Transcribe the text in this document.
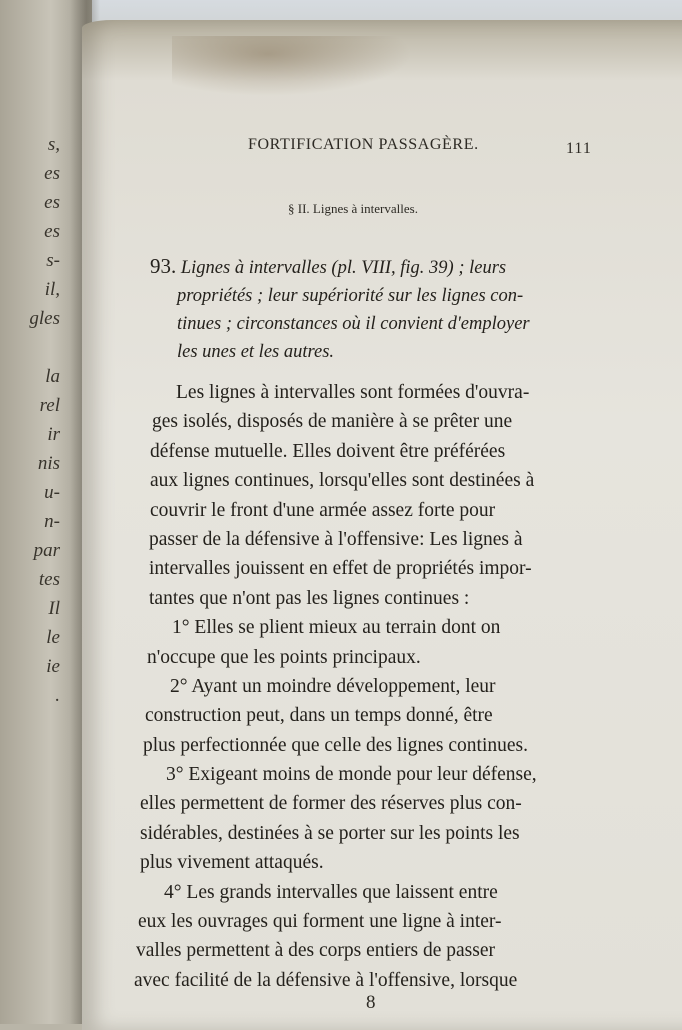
s,
es
es
es
s-
il,
gles

la
rel
ir
nis
u-
n-
par
tes
Il
le
ie
.
FORTIFICATION PASSAGÈRE.	111
§ II. Lignes à intervalles.
93. Lignes à intervalles (pl. VIII, fig. 39) ; leurs
propriétés ; leur supériorité sur les lignes con-
tinues ; circonstances où il convient d'employer
les unes et les autres.
Les lignes à intervalles sont formées d'ouvra-
ges isolés, disposés de manière à se prêter une
défense mutuelle. Elles doivent être préférées
aux lignes continues, lorsqu'elles sont destinées à
couvrir le front d'une armée assez forte pour
passer de la défensive à l'offensive: Les lignes à
intervalles jouissent en effet de propriétés impor-
tantes que n'ont pas les lignes continues :
1° Elles se plient mieux au terrain dont on
n'occupe que les points principaux.
2° Ayant un moindre développement, leur
construction peut, dans un temps donné, être
plus perfectionnée que celle des lignes continues.
3° Exigeant moins de monde pour leur défense,
elles permettent de former des réserves plus con-
sidérables, destinées à se porter sur les points les
plus vivement attaqués.
4° Les grands intervalles que laissent entre
eux les ouvrages qui forment une ligne à inter-
valles permettent à des corps entiers de passer
avec facilité de la défensive à l'offensive, lorsque
8
